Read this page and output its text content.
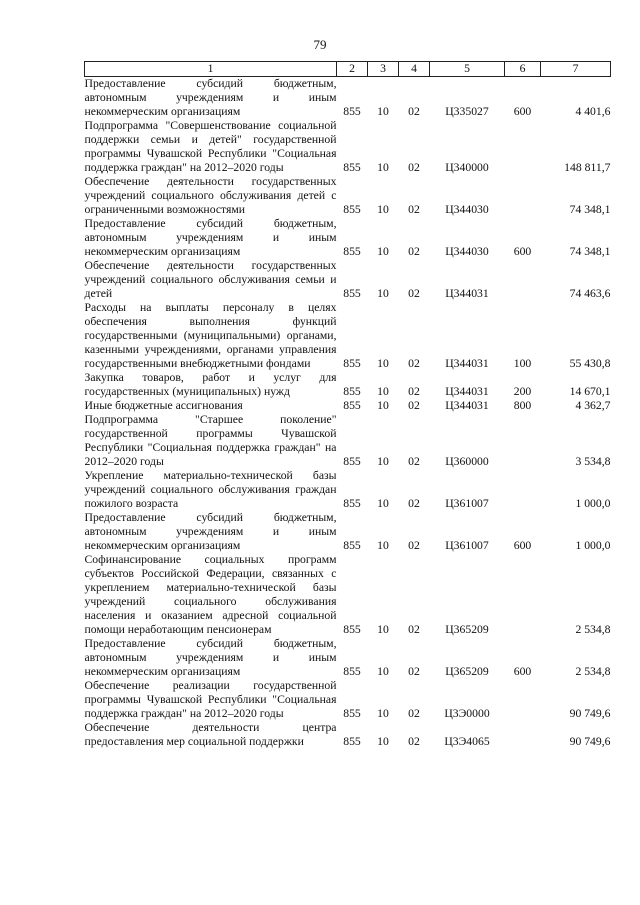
79
1	2	3	4	5	6	7
Предоставление субсидий бюджетным, автономным учреждениям и иным некоммерческим организациям	855	10	02	Ц335027	600	4 401,6
Подпрограмма "Совершенствование социальной поддержки семьи и детей" государственной программы Чувашской Республики "Социальная поддержка граждан" на 2012–2020 годы	855	10	02	Ц340000		148 811,7
Обеспечение деятельности государственных учреждений социального обслуживания детей с ограниченными возможностями	855	10	02	Ц344030		74 348,1
Предоставление субсидий бюджетным, автономным учреждениям и иным некоммерческим организациям	855	10	02	Ц344030	600	74 348,1
Обеспечение деятельности государственных учреждений социального обслуживания семьи и детей	855	10	02	Ц344031		74 463,6
Расходы на выплаты персоналу в целях обеспечения выполнения функций государственными (муниципальными) органами, казенными учреждениями, органами управления государственными внебюджетными фондами	855	10	02	Ц344031	100	55 430,8
Закупка товаров, работ и услуг для государственных (муниципальных) нужд	855	10	02	Ц344031	200	14 670,1
Иные бюджетные ассигнования	855	10	02	Ц344031	800	4 362,7
Подпрограмма "Старшее поколение" государственной программы Чувашской Республики "Социальная поддержка граждан" на 2012–2020 годы	855	10	02	Ц360000		3 534,8
Укрепление материально-технической базы учреждений социального обслуживания граждан пожилого возраста	855	10	02	Ц361007		1 000,0
Предоставление субсидий бюджетным, автономным учреждениям и иным некоммерческим организациям	855	10	02	Ц361007	600	1 000,0
Софинансирование социальных программ субъектов Российской Федерации, связанных с укреплением материально-технической базы учреждений социального обслуживания населения и оказанием адресной социальной помощи неработающим пенсионерам	855	10	02	Ц365209		2 534,8
Предоставление субсидий бюджетным, автономным учреждениям и иным некоммерческим организациям	855	10	02	Ц365209	600	2 534,8
Обеспечение реализации государственной программы Чувашской Республики "Социальная поддержка граждан" на 2012–2020 годы	855	10	02	Ц3Э0000		90 749,6
Обеспечение деятельности центра предоставления мер социальной поддержки	855	10	02	Ц3Э4065		90 749,6
